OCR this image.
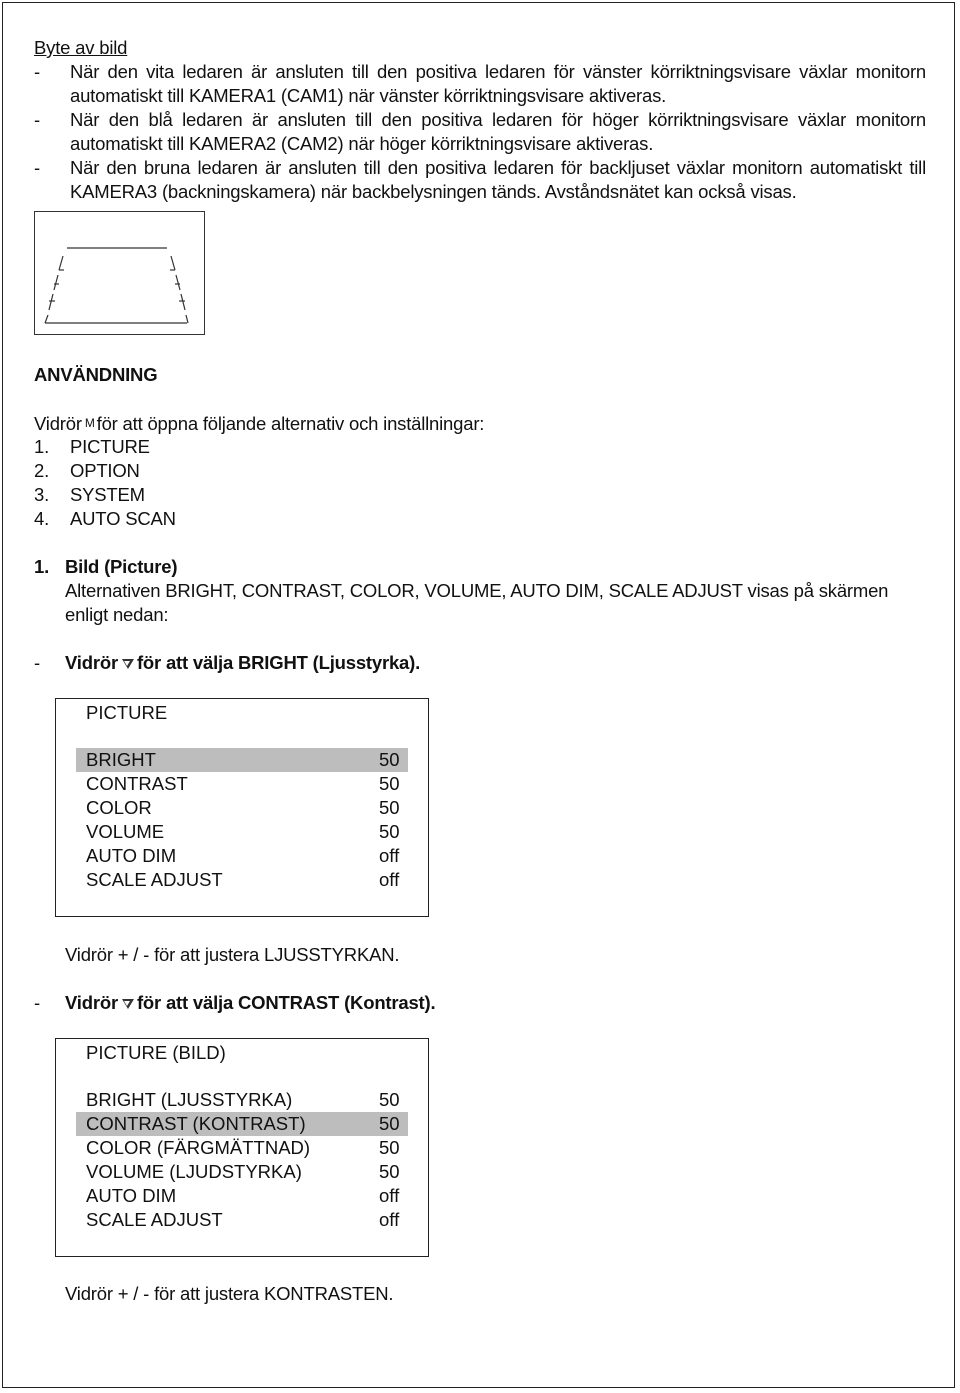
Byte av bild
- När den vita ledaren är ansluten till den positiva ledaren för vänster körriktningsvisare växlar monitorn automatiskt till KAMERA1 (CAM1) när vänster körriktningsvisare aktiveras.
- När den blå ledaren är ansluten till den positiva ledaren för höger körriktningsvisare växlar monitorn automatiskt till KAMERA2 (CAM2) när höger körriktningsvisare aktiveras.
- När den bruna ledaren är ansluten till den positiva ledaren för backljuset växlar monitorn automatiskt till KAMERA3 (backningskamera) när backbelysningen tänds. Avståndsnätet kan också visas.
ANVÄNDNING
Vidrör M för att öppna följande alternativ och inställningar:
1. PICTURE
2. OPTION
3. SYSTEM
4. AUTO SCAN
1. Bild (Picture)
Alternativen BRIGHT, CONTRAST, COLOR, VOLUME, AUTO DIM, SCALE ADJUST visas på skärmen enligt nedan:
- Vidrör för att välja BRIGHT (Ljusstyrka).
PICTURE
BRIGHT	50
CONTRAST	50
COLOR	50
VOLUME	50
AUTO DIM	off
SCALE ADJUST	off
Vidrör + / - för att justera LJUSSTYRKAN.
- Vidrör för att välja CONTRAST (Kontrast).
PICTURE (BILD)
BRIGHT (LJUSSTYRKA)	50
CONTRAST (KONTRAST)	50
COLOR (FÄRGMÄTTNAD)	50
VOLUME (LJUDSTYRKA)	50
AUTO DIM	off
SCALE ADJUST	off
Vidrör + / - för att justera KONTRASTEN.
